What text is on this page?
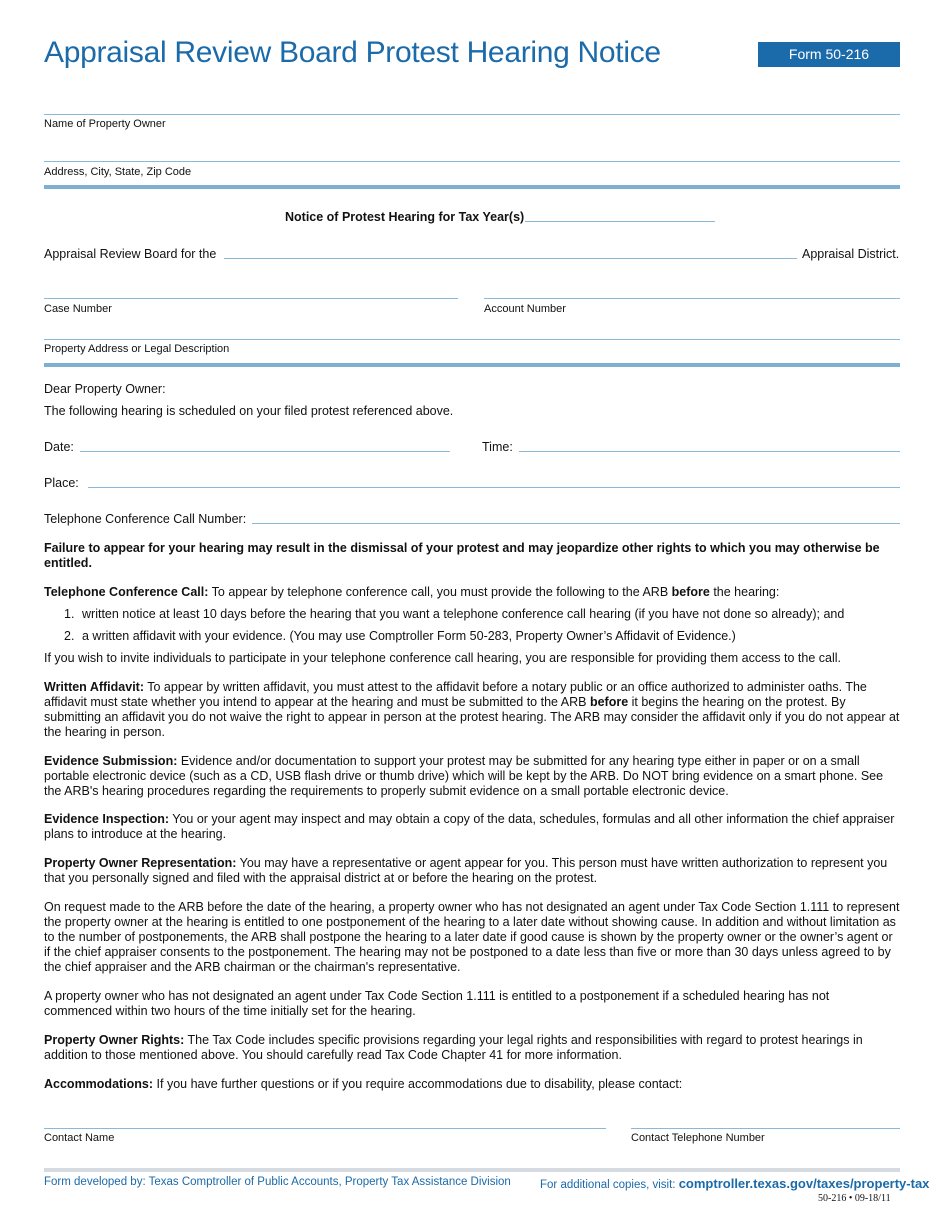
Appraisal Review Board Protest Hearing Notice	Form 50-216
Name of Property Owner
Address, City, State, Zip Code
Notice of Protest Hearing for Tax Year(s)
Appraisal Review Board for the	Appraisal District.
Case Number	Account Number
Property Address or Legal Description
Dear Property Owner:
The following hearing is scheduled on your filed protest referenced above.
Date:	Time:
Place:
Telephone Conference Call Number:
Failure to appear for your hearing may result in the dismissal of your protest and may jeopardize other rights to which you may otherwise be entitled.
Telephone Conference Call: To appear by telephone conference call, you must provide the following to the ARB before the hearing:
1. written notice at least 10 days before the hearing that you want a telephone conference call hearing (if you have not done so already); and
2. a written affidavit with your evidence. (You may use Comptroller Form 50-283, Property Owner’s Affidavit of Evidence.)
If you wish to invite individuals to participate in your telephone conference call hearing, you are responsible for providing them access to the call.
Written Affidavit: To appear by written affidavit, you must attest to the affidavit before a notary public or an office authorized to administer oaths. The affidavit must state whether you intend to appear at the hearing and must be submitted to the ARB before it begins the hearing on the protest. By submitting an affidavit you do not waive the right to appear in person at the protest hearing. The ARB may consider the affidavit only if you do not appear at the hearing in person.
Evidence Submission: Evidence and/or documentation to support your protest may be submitted for any hearing type either in paper or on a small portable electronic device (such as a CD, USB flash drive or thumb drive) which will be kept by the ARB. Do NOT bring evidence on a smart phone. See the ARB's hearing procedures regarding the requirements to properly submit evidence on a small portable electronic device.
Evidence Inspection: You or your agent may inspect and may obtain a copy of the data, schedules, formulas and all other information the chief appraiser plans to introduce at the hearing.
Property Owner Representation: You may have a representative or agent appear for you. This person must have written authorization to represent you that you personally signed and filed with the appraisal district at or before the hearing on the protest.
On request made to the ARB before the date of the hearing, a property owner who has not designated an agent under Tax Code Section 1.111 to represent the property owner at the hearing is entitled to one postponement of the hearing to a later date without showing cause. In addition and without limitation as to the number of postponements, the ARB shall postpone the hearing to a later date if good cause is shown by the property owner or the owner’s agent or if the chief appraiser consents to the postponement. The hearing may not be postponed to a date less than five or more than 30 days unless agreed to by the chief appraiser and the ARB chairman or the chairman's representative.
A property owner who has not designated an agent under Tax Code Section 1.111 is entitled to a postponement if a scheduled hearing has not commenced within two hours of the time initially set for the hearing.
Property Owner Rights: The Tax Code includes specific provisions regarding your legal rights and responsibilities with regard to protest hearings in addition to those mentioned above. You should carefully read Tax Code Chapter 41 for more information.
Accommodations: If you have further questions or if you require accommodations due to disability, please contact:
Contact Name	Contact Telephone Number
Form developed by: Texas Comptroller of Public Accounts, Property Tax Assistance Division	For additional copies, visit: comptroller.texas.gov/taxes/property-tax
50-216 • 09-18/11
